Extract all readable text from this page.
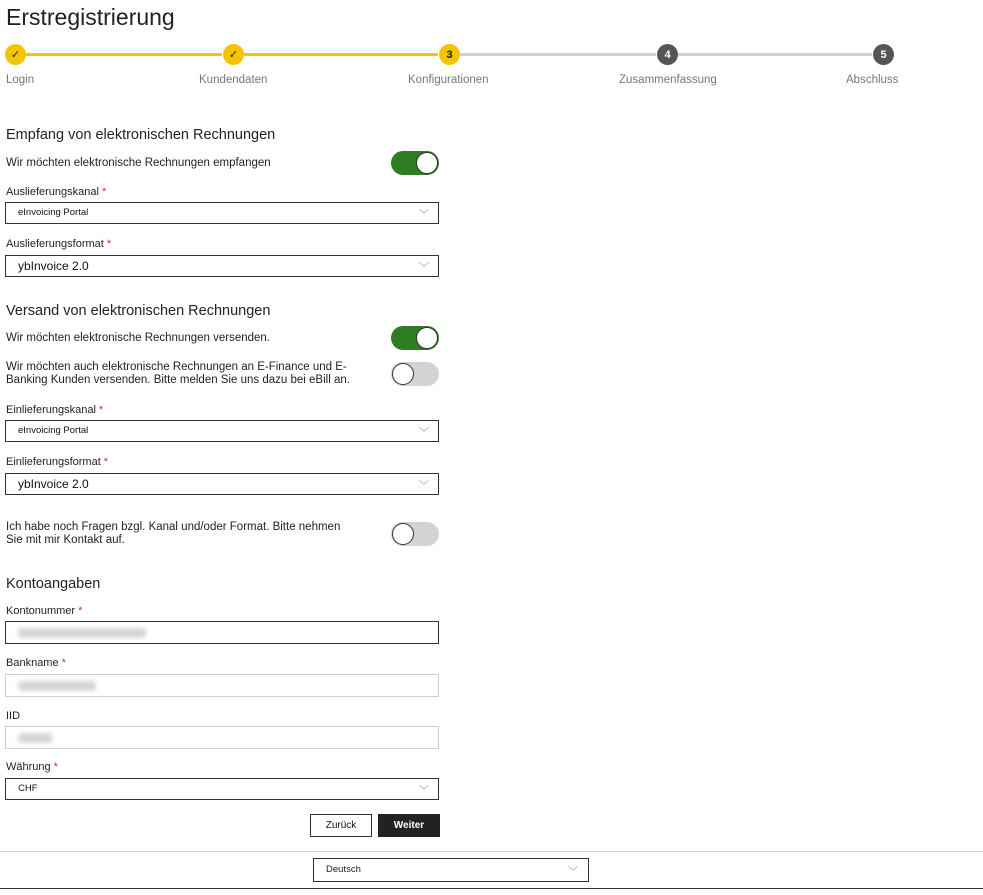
Erstregistrierung
✓	✓	3	4	5
Login	Kundendaten	Konfigurationen	Zusammenfassung	Abschluss
Empfang von elektronischen Rechnungen
Wir möchten elektronische Rechnungen empfangen
Auslieferungskanal *
eInvoicing Portal	﹀
Auslieferungsformat *
ybInvoice 2.0	﹀
Versand von elektronischen Rechnungen
Wir möchten elektronische Rechnungen versenden.
Wir möchten auch elektronische Rechnungen an E-Finance und E-
Banking Kunden versenden. Bitte melden Sie uns dazu bei eBill an.
Einlieferungskanal *
eInvoicing Portal	﹀
Einlieferungsformat *
ybInvoice 2.0	﹀
Ich habe noch Fragen bzgl. Kanal und/oder Format. Bitte nehmen
Sie mit mir Kontakt auf.
Kontoangaben
Kontonummer *
Bankname *
IID
Währung *
CHF	﹀
Zurück	Weiter
Deutsch	﹀
